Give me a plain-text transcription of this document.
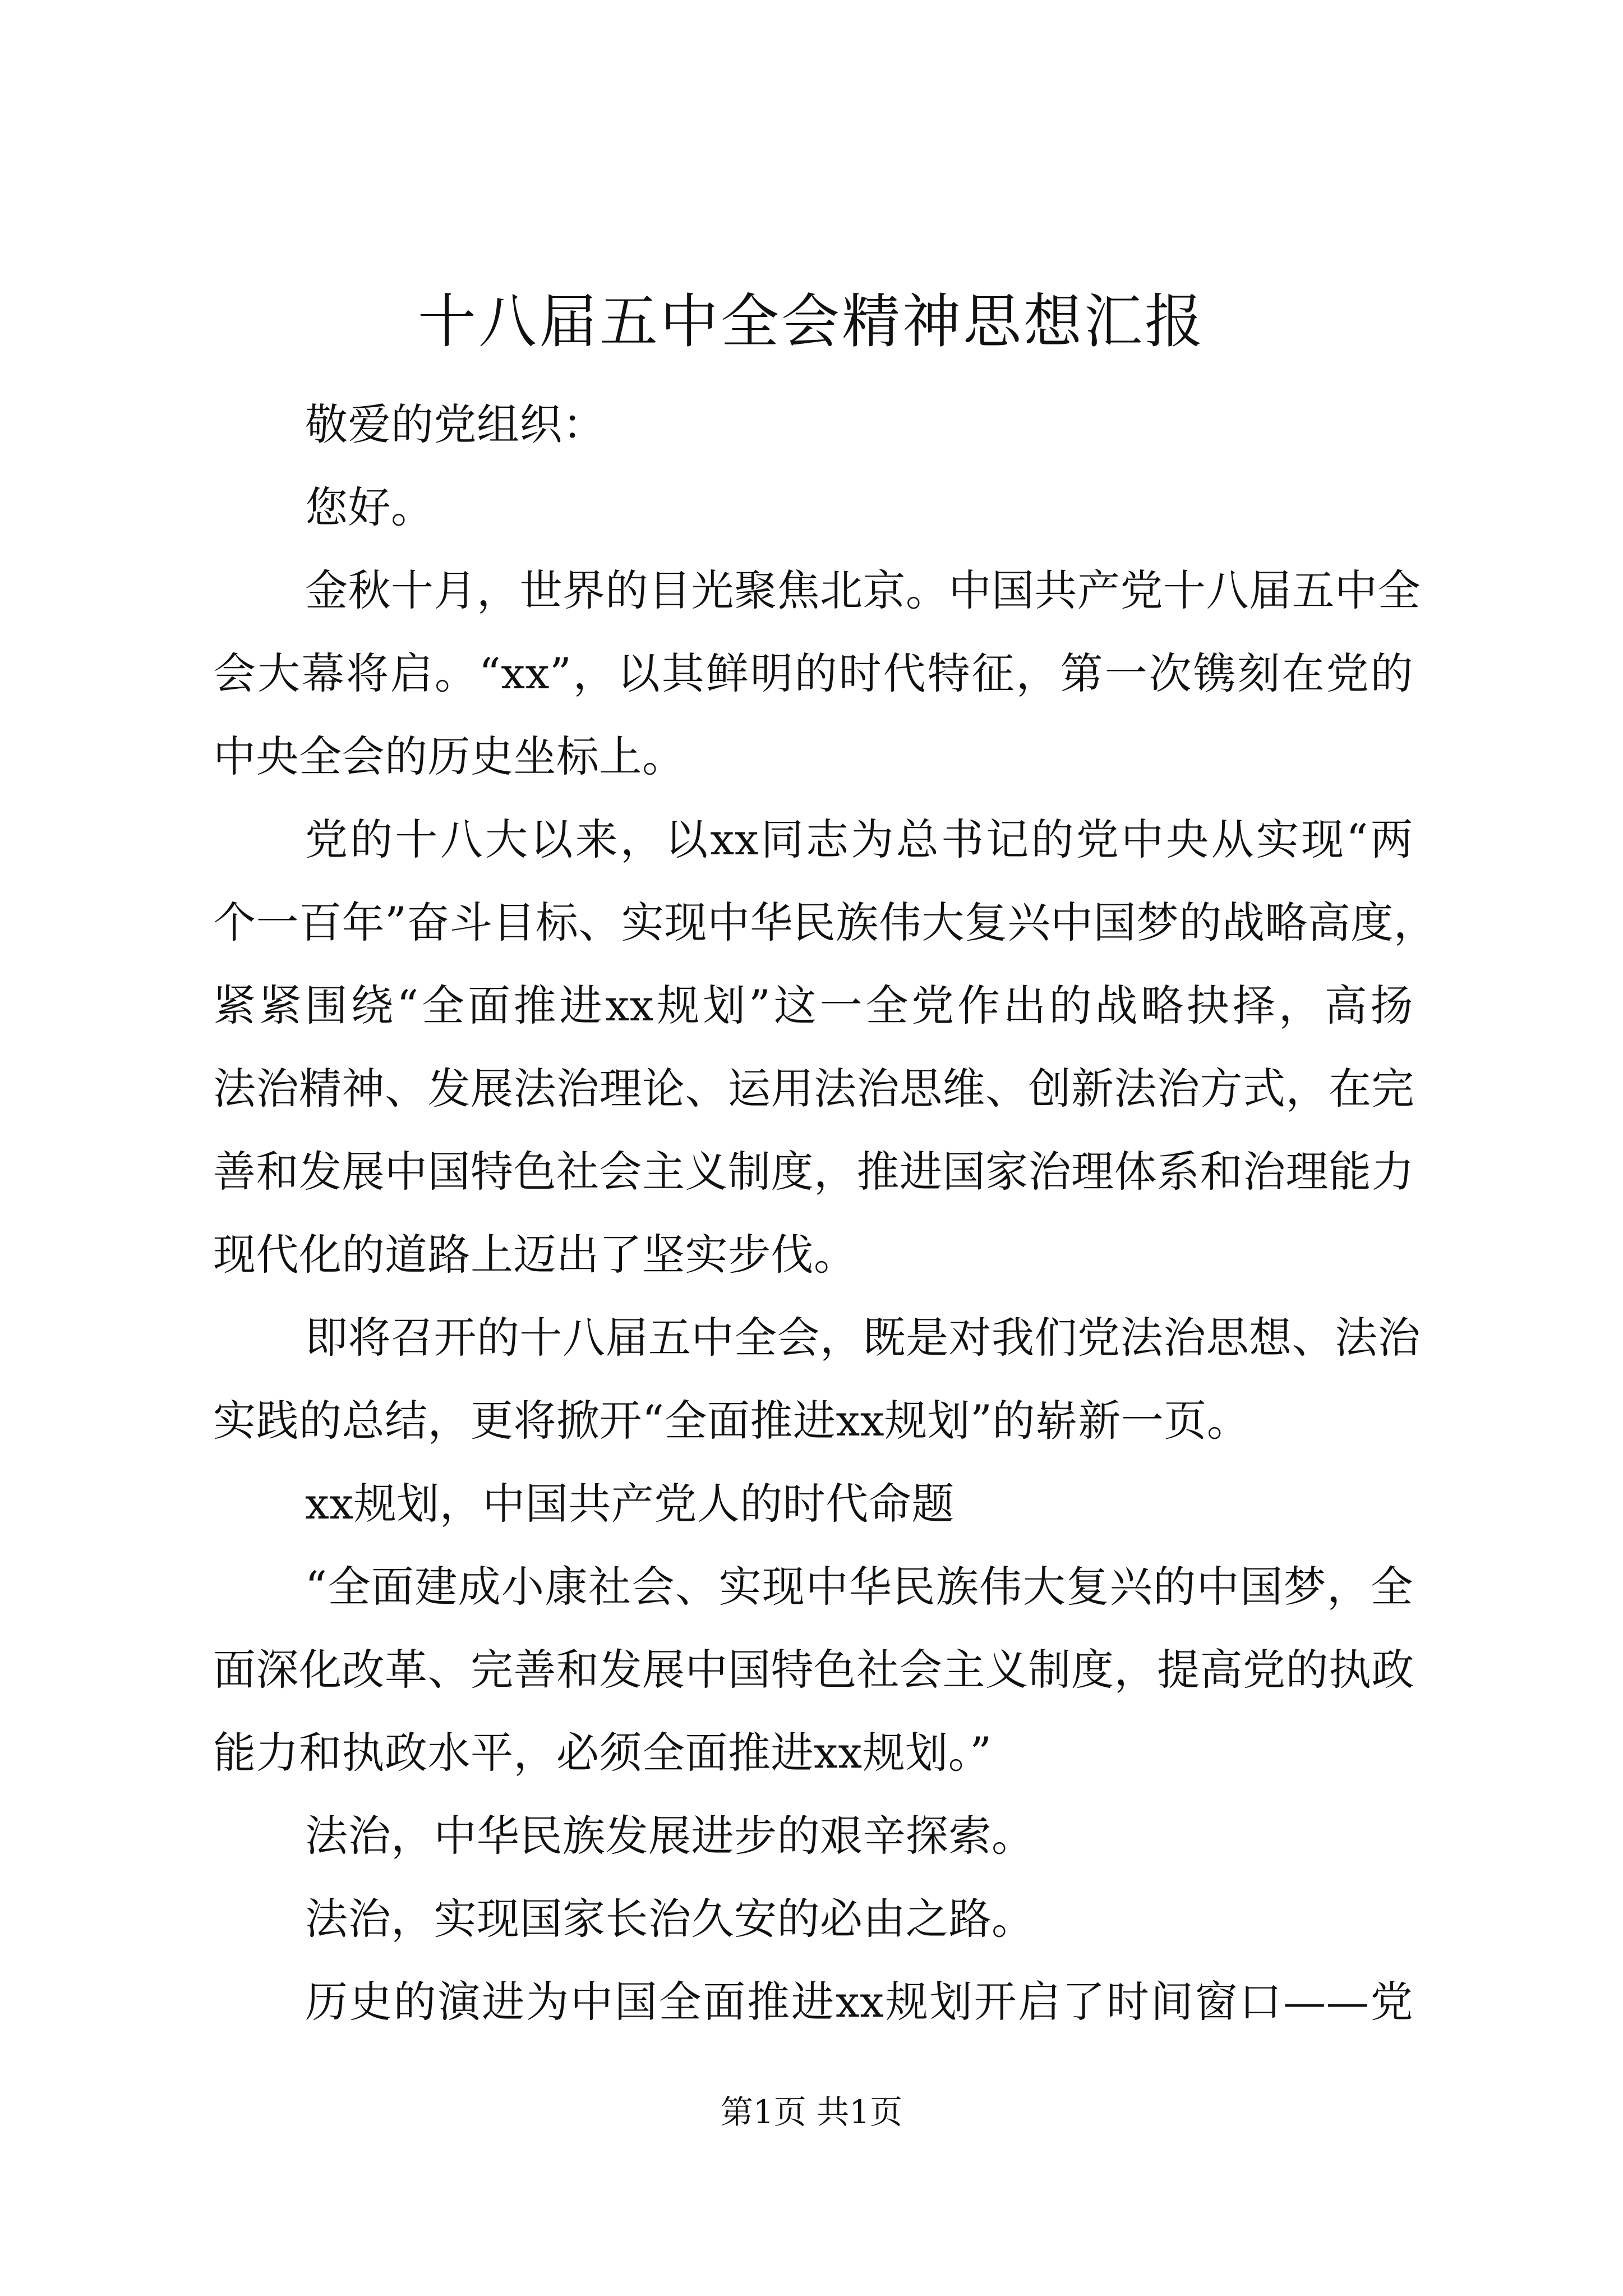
十八届五中全会精神思想汇报
敬爱的党组织：
您好。
金秋十月，世界的目光聚焦北京。中国共产党十八届五中全
会大幕将启。“xx”，以其鲜明的时代特征，第一次镌刻在党的
中央全会的历史坐标上。
党的十八大以来，以xx同志为总书记的党中央从实现“两
个一百年”奋斗目标、实现中华民族伟大复兴中国梦的战略高度，
紧紧围绕“全面推进xx规划”这一全党作出的战略抉择，高扬
法治精神、发展法治理论、运用法治思维、创新法治方式，在完
善和发展中国特色社会主义制度，推进国家治理体系和治理能力
现代化的道路上迈出了坚实步伐。
即将召开的十八届五中全会，既是对我们党法治思想、法治
实践的总结，更将掀开“全面推进xx规划”的崭新一页。
xx规划，中国共产党人的时代命题
“全面建成小康社会、实现中华民族伟大复兴的中国梦，全
面深化改革、完善和发展中国特色社会主义制度，提高党的执政
能力和执政水平，必须全面推进xx规划。”
法治，中华民族发展进步的艰辛探索。
法治，实现国家长治久安的必由之路。
历史的演进为中国全面推进xx规划开启了时间窗口——党
第1页 共1页
